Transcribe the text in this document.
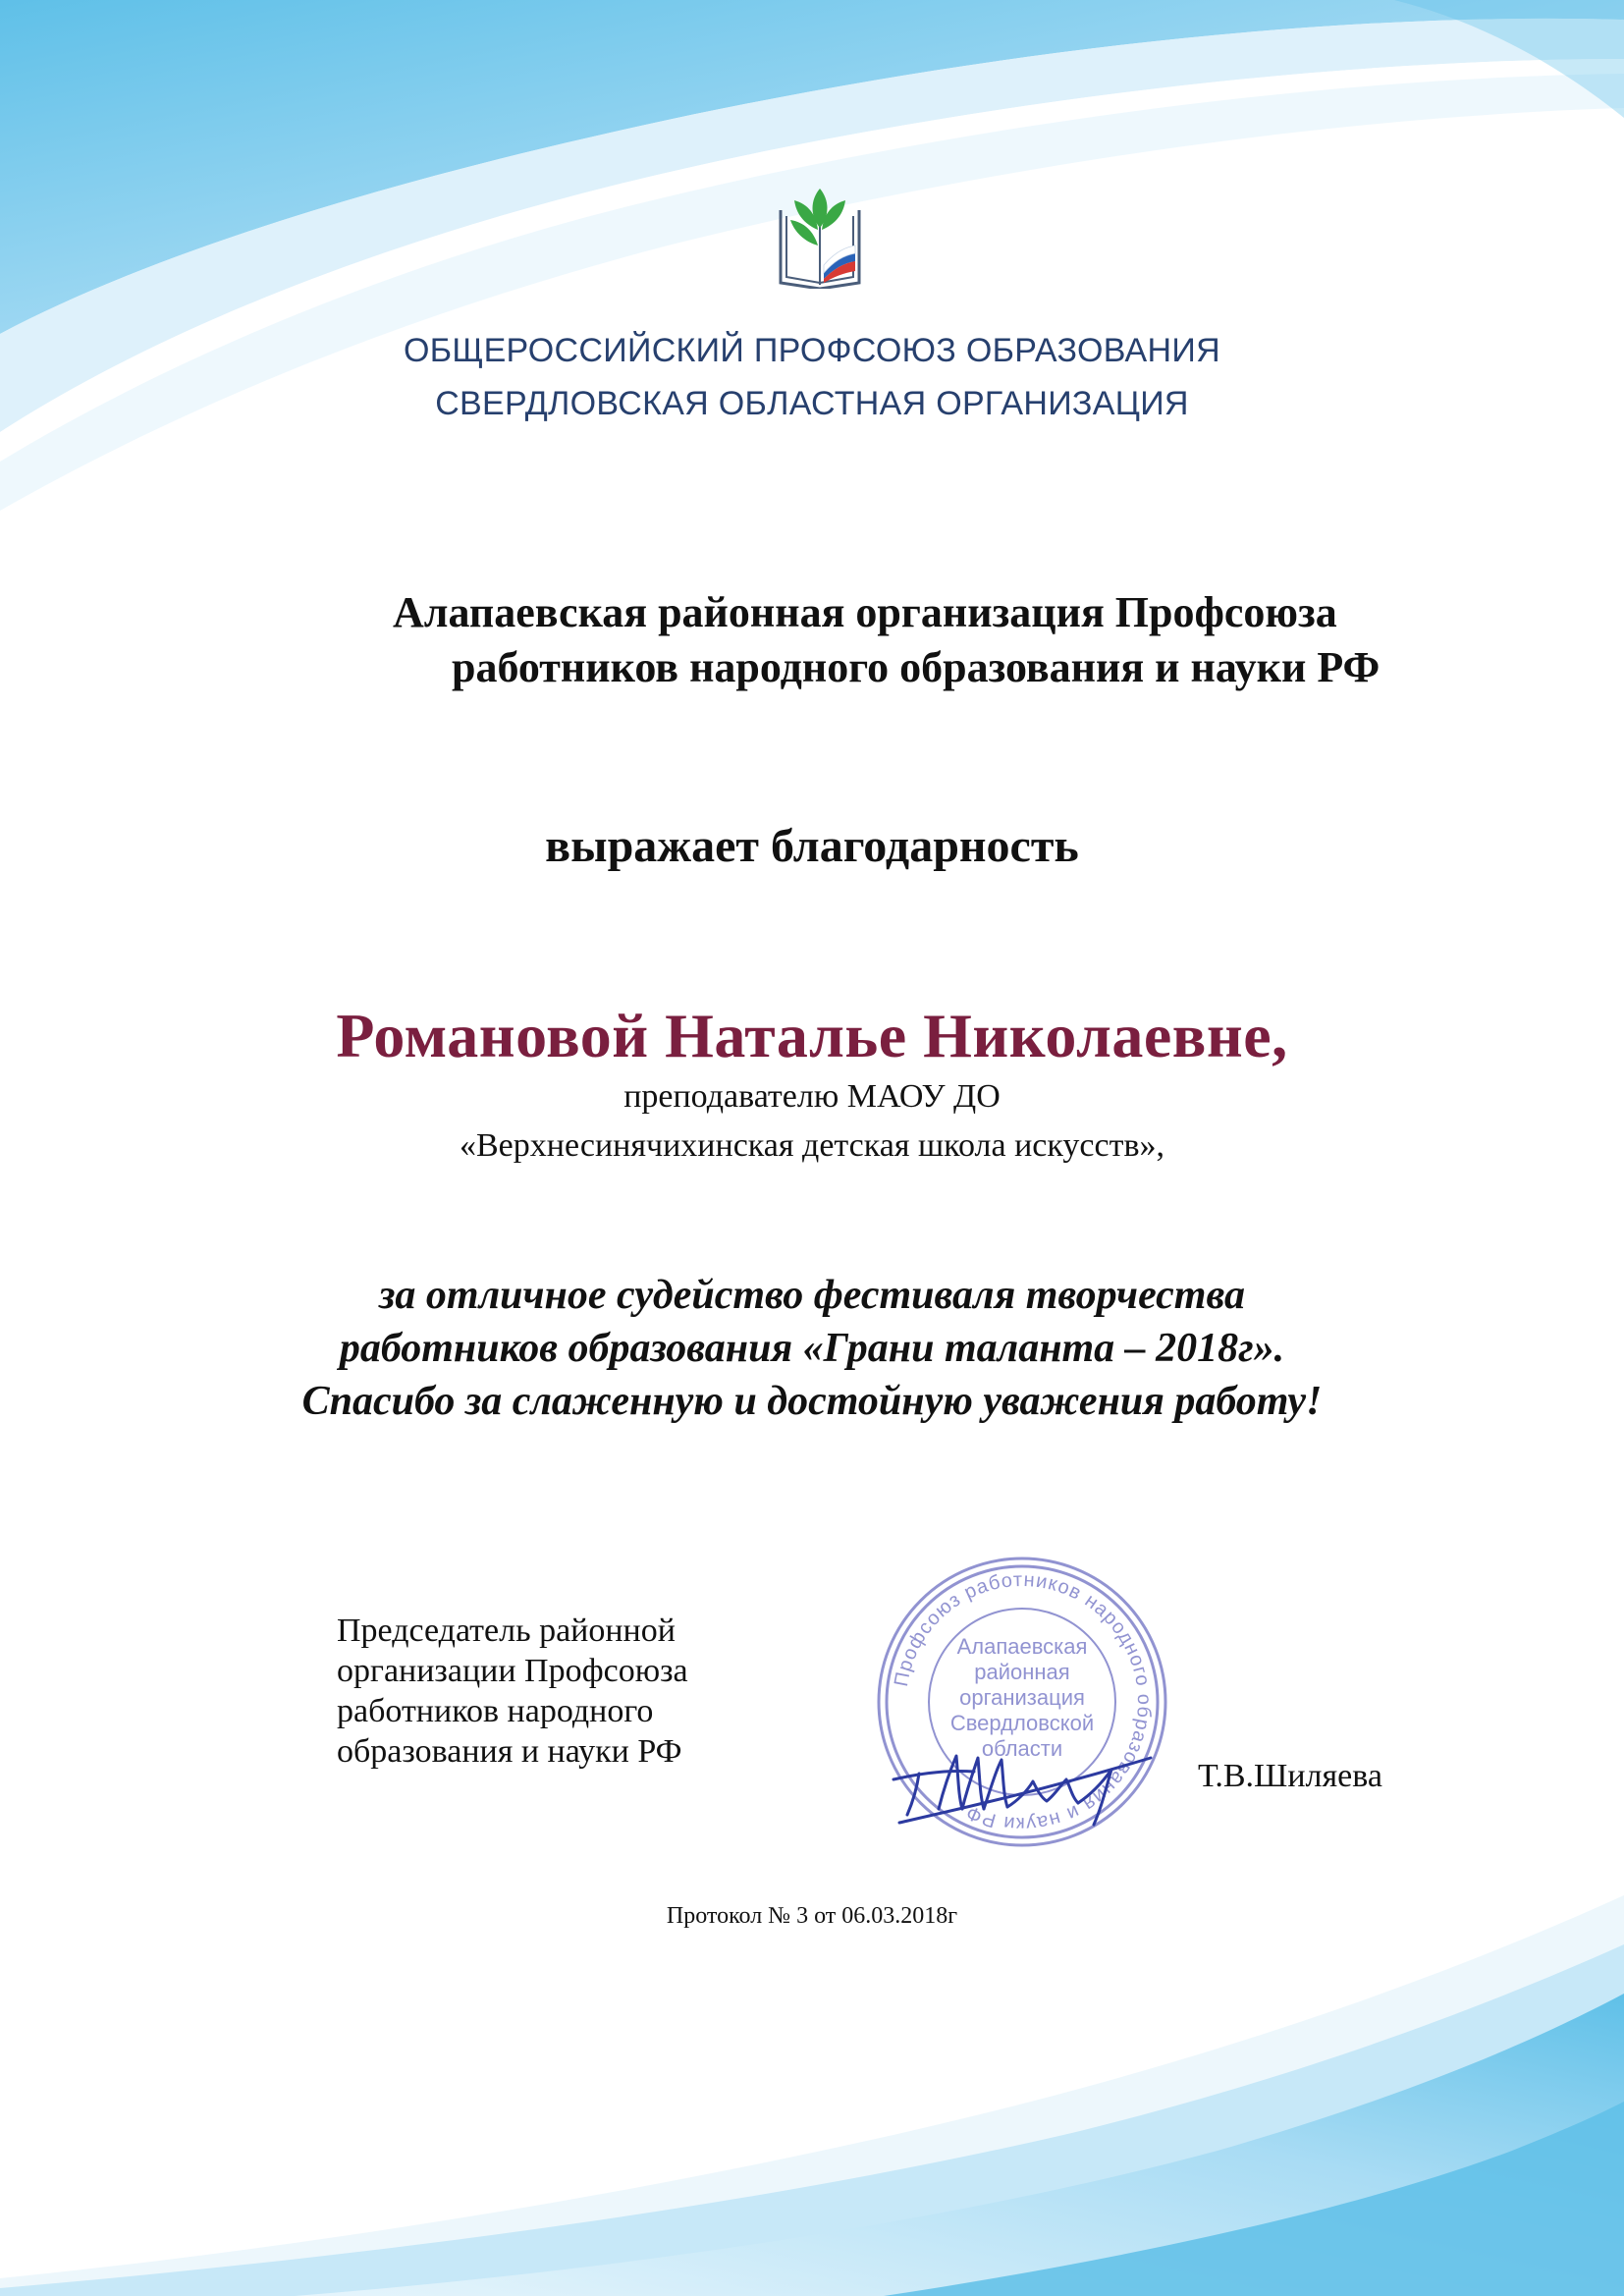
ОБЩЕРОССИЙСКИЙ ПРОФСОЮЗ ОБРАЗОВАНИЯ
СВЕРДЛОВСКАЯ ОБЛАСТНАЯ ОРГАНИЗАЦИЯ
Алапаевская районная организация Профсоюза
работников народного образования и науки РФ
выражает благодарность
Романовой Наталье Николаевне,
преподавателю МАОУ ДО
«Верхнесинячихинская детская школа искусств»,
за отличное судейство фестиваля творчества
работников образования «Грани таланта – 2018г».
Спасибо за слаженную и достойную уважения работу!
Председатель районной
организации Профсоюза
работников народного
образования и науки РФ
Профсоюз работников народного образования и науки РФ
Алапаевская
районная
организация
Свердловской
области
Т.В.Шиляева
Протокол № 3 от 06.03.2018г
